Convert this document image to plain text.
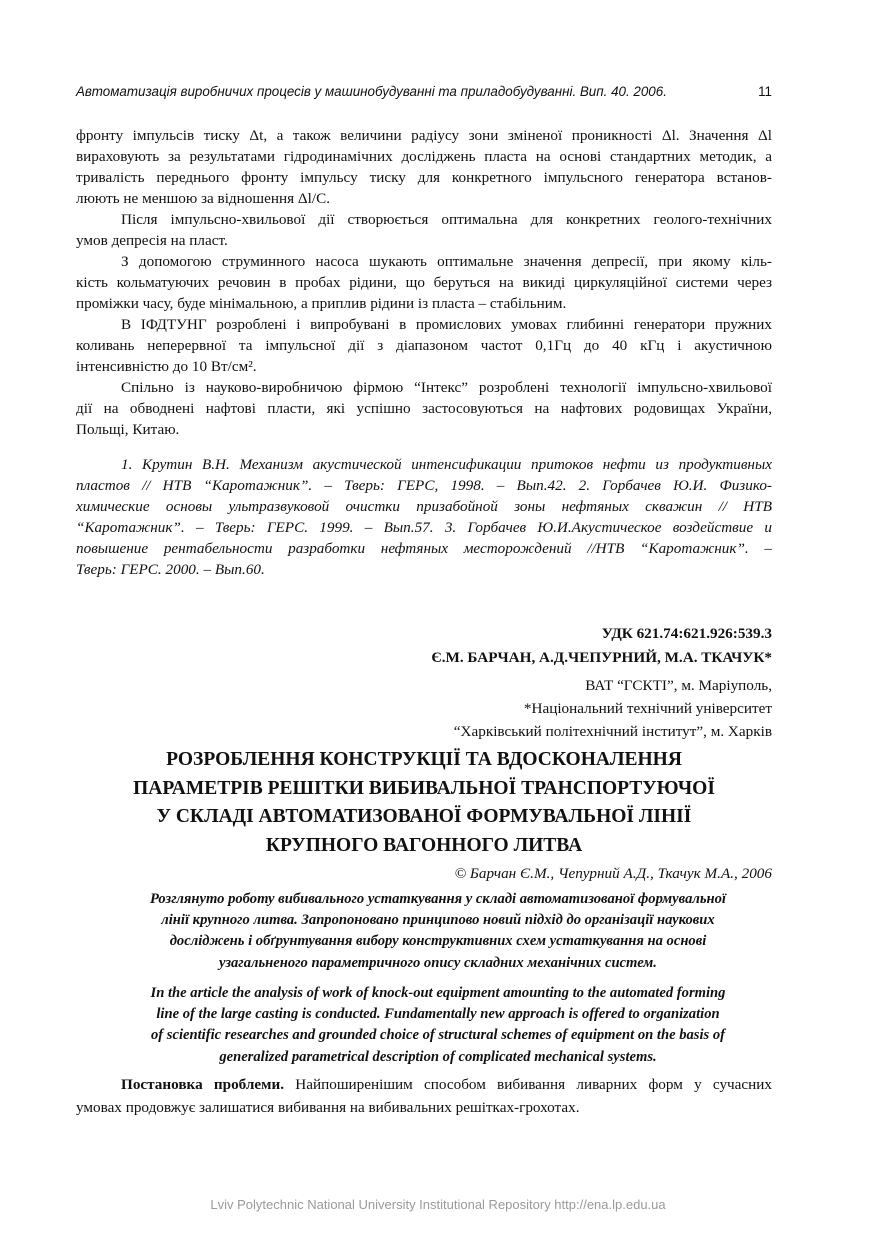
Автоматизація виробничих процесів у машинобудуванні та приладобудуванні. Вип. 40. 2006.	11
фронту імпульсів тиску Δt, а також величини радіусу зони зміненої проникності Δl. Значення Δl
вираховують за результатами гідродинамічних досліджень пласта на основі стандартних методик, а
тривалість переднього фронту імпульсу тиску для конкретного імпульсного генератора встанов-
люють не меншою за відношення Δl/C.
Після імпульсно-хвильової дії створюється оптимальна для конкретних геолого-технічних
умов депресія на пласт.
З допомогою струминного насоса шукають оптимальне значення депресії, при якому кіль-
кість кольматуючих речовин в пробах рідини, що беруться на викиді циркуляційної системи через
проміжки часу, буде мінімальною, а приплив рідини із пласта – стабільним.
В ІФДТУНГ розроблені і випробувані в промислових умовах глибинні генератори пружних
коливань неперервної та імпульсної дії з діапазоном частот 0,1Гц до 40 кГц і акустичною
інтенсивністю до 10 Вт/см².
Спільно із науково-виробничою фірмою “Інтекс” розроблені технології імпульсно-хвильової
дії на обводнені нафтові пласти, які успішно застосовуються на нафтових родовищах України,
Польщі, Китаю.
1. Крутин В.Н. Механизм акустической интенсификации притоков нефти из продуктивных
пластов // НТВ “Каротажник”. – Тверь: ГЕРС, 1998. – Вып.42. 2. Горбачев Ю.И. Физико-
химические основы ультразвуковой очистки призабойной зоны нефтяных скважин // НТВ
“Каротажник”. – Тверь: ГЕРС. 1999. – Вып.57. 3. Горбачев Ю.И.Акустическое воздействие и
повышение рентабельности разработки нефтяных месторождений //НТВ “Каротажник”. –
Тверь: ГЕРС. 2000. – Вып.60.
УДК 621.74:621.926:539.3
Є.М. БАРЧАН, А.Д.ЧЕПУРНИЙ, М.А. ТКАЧУК*
ВАТ “ГСКТІ”, м. Маріуполь,
*Національний технічний університет
“Харківський політехнічний інститут”, м. Харків
РОЗРОБЛЕННЯ КОНСТРУКЦІЇ ТА ВДОСКОНАЛЕННЯ
ПАРАМЕТРІВ РЕШІТКИ ВИБИВАЛЬНОЇ ТРАНСПОРТУЮЧОЇ
У СКЛАДІ АВТОМАТИЗОВАНОЇ ФОРМУВАЛЬНОЇ ЛІНІЇ
КРУПНОГО ВАГОННОГО ЛИТВА
© Барчан Є.М., Чепурний А.Д., Ткачук М.А., 2006
Розглянуто роботу вибивального устаткування у складі автоматизованої формувальної
лінії крупного литва. Запропоновано принципово новий підхід до організації наукових
досліджень і обґрунтування вибору конструктивних схем устаткування на основі
узагальненого параметричного опису складних механічних систем.
In the article the analysis of work of knock-out equipment amounting to the automated forming
line of the large casting is conducted. Fundamentally new approach is offered to organization
of scientific researches and grounded choice of structural schemes of equipment on the basis of
generalized parametrical description of complicated mechanical systems.
Постановка проблеми. Найпоширенішим способом вибивання ливарних форм у сучасних
умовах продовжує залишатися вибивання на вибивальних решітках-грохотах.
Lviv Polytechnic National University Institutional Repository http://ena.lp.edu.ua
